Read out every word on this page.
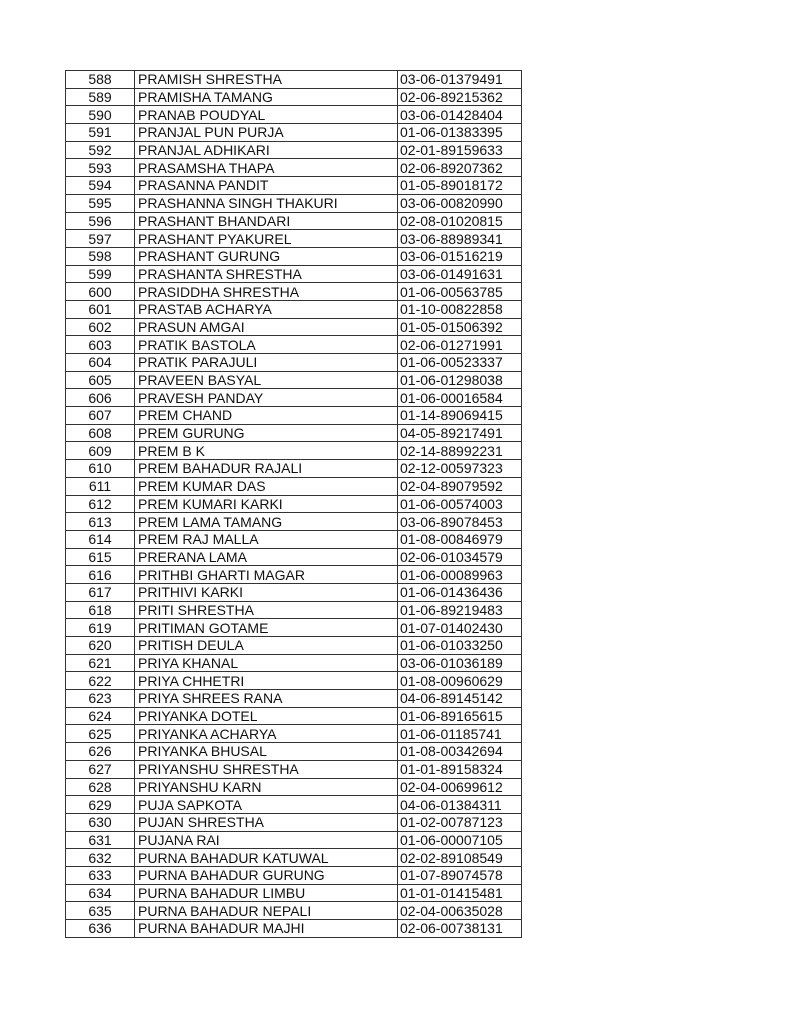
588	PRAMISH SHRESTHA	03-06-01379491
589	PRAMISHA TAMANG	02-06-89215362
590	PRANAB POUDYAL	03-06-01428404
591	PRANJAL PUN PURJA	01-06-01383395
592	PRANJAL ADHIKARI	02-01-89159633
593	PRASAMSHA THAPA	02-06-89207362
594	PRASANNA PANDIT	01-05-89018172
595	PRASHANNA SINGH THAKURI	03-06-00820990
596	PRASHANT BHANDARI	02-08-01020815
597	PRASHANT PYAKUREL	03-06-88989341
598	PRASHANT GURUNG	03-06-01516219
599	PRASHANTA SHRESTHA	03-06-01491631
600	PRASIDDHA SHRESTHA	01-06-00563785
601	PRASTAB ACHARYA	01-10-00822858
602	PRASUN AMGAI	01-05-01506392
603	PRATIK BASTOLA	02-06-01271991
604	PRATIK PARAJULI	01-06-00523337
605	PRAVEEN BASYAL	01-06-01298038
606	PRAVESH PANDAY	01-06-00016584
607	PREM CHAND	01-14-89069415
608	PREM GURUNG	04-05-89217491
609	PREM B K	02-14-88992231
610	PREM BAHADUR RAJALI	02-12-00597323
611	PREM KUMAR DAS	02-04-89079592
612	PREM KUMARI KARKI	01-06-00574003
613	PREM LAMA TAMANG	03-06-89078453
614	PREM RAJ MALLA	01-08-00846979
615	PRERANA LAMA	02-06-01034579
616	PRITHBI GHARTI MAGAR	01-06-00089963
617	PRITHIVI KARKI	01-06-01436436
618	PRITI SHRESTHA	01-06-89219483
619	PRITIMAN GOTAME	01-07-01402430
620	PRITISH DEULA	01-06-01033250
621	PRIYA KHANAL	03-06-01036189
622	PRIYA CHHETRI	01-08-00960629
623	PRIYA SHREES RANA	04-06-89145142
624	PRIYANKA DOTEL	01-06-89165615
625	PRIYANKA ACHARYA	01-06-01185741
626	PRIYANKA BHUSAL	01-08-00342694
627	PRIYANSHU SHRESTHA	01-01-89158324
628	PRIYANSHU KARN	02-04-00699612
629	PUJA SAPKOTA	04-06-01384311
630	PUJAN SHRESTHA	01-02-00787123
631	PUJANA RAI	01-06-00007105
632	PURNA BAHADUR KATUWAL	02-02-89108549
633	PURNA BAHADUR GURUNG	01-07-89074578
634	PURNA BAHADUR LIMBU	01-01-01415481
635	PURNA BAHADUR NEPALI	02-04-00635028
636	PURNA BAHADUR MAJHI	02-06-00738131
